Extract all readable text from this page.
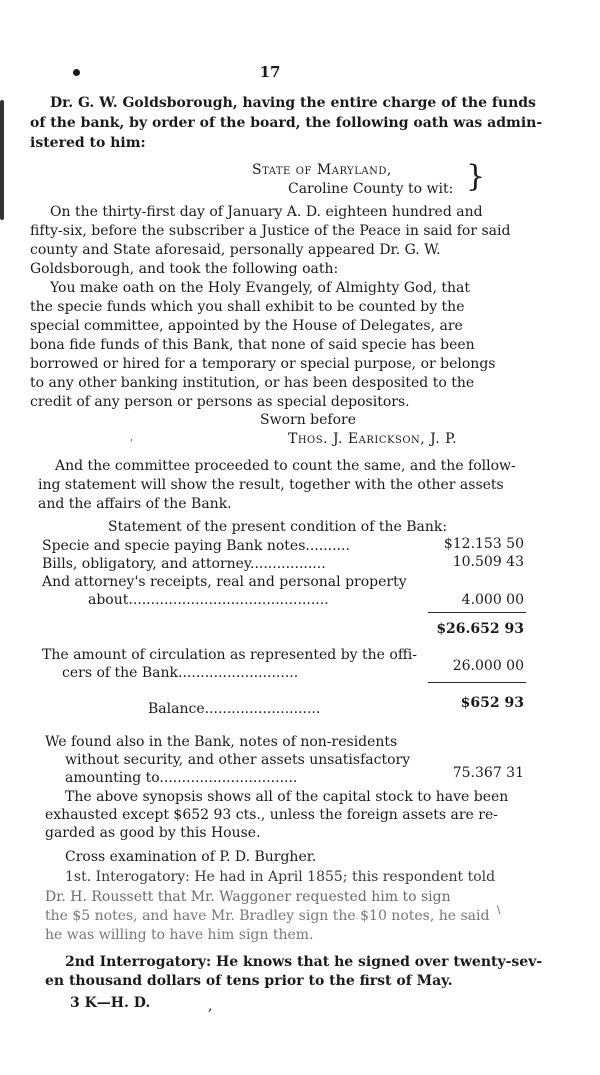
17
Dr. G. W. Goldsborough, having the entire charge of the funds
of the bank, by order of the board, the following oath was admin-
istered to him:
State of Maryland,
Caroline County to wit: }
On the thirty-first day of January A. D. eighteen hundred and
fifty-six, before the subscriber a Justice of the Peace in said for said
county and State aforesaid, personally appeared Dr. G. W.
Goldsborough, and took the following oath:
You make oath on the Holy Evangely, of Almighty God, that
the specie funds which you shall exhibit to be counted by the
special committee, appointed by the House of Delegates, are
bona fide funds of this Bank, that none of said specie has been
borrowed or hired for a temporary or special purpose, or belongs
to any other banking institution, or has been desposited to the
credit of any person or persons as special depositors.
Sworn before
Thos. J. Earickson, J. P.
,
And the committee proceeded to count the same, and the follow-
ing statement will show the result, together with the other assets
and the affairs of the Bank.
Statement of the present condition of the Bank:
Specie and specie paying Bank notes..........	$12.153 50
Bills, obligatory, and attorney.................	10.509 43
And attorney's receipts, real and personal property
about.............................................	4.000 00
$26.652 93
The amount of circulation as represented by the offi-
cers of the Bank...........................	26.000 00
Balance..........................	$652 93
We found also in the Bank, notes of non-residents
without security, and other assets unsatisfactory
amounting to...............................	75.367 31
The above synopsis shows all of the capital stock to have been
exhausted except $652 93 cts., unless the foreign assets are re-
garded as good by this House.
Cross examination of P. D. Burgher.
1st. Interogatory: He had in April 1855; this respondent told
Dr. H. Roussett that Mr. Waggoner requested him to sign
the $5 notes, and have Mr. Bradley sign the $10 notes, he said
he was willing to have him sign them.
\
2nd Interrogatory: He knows that he signed over twenty-sev-
en thousand dollars of tens prior to the first of May.
3 K—H. D.	,
